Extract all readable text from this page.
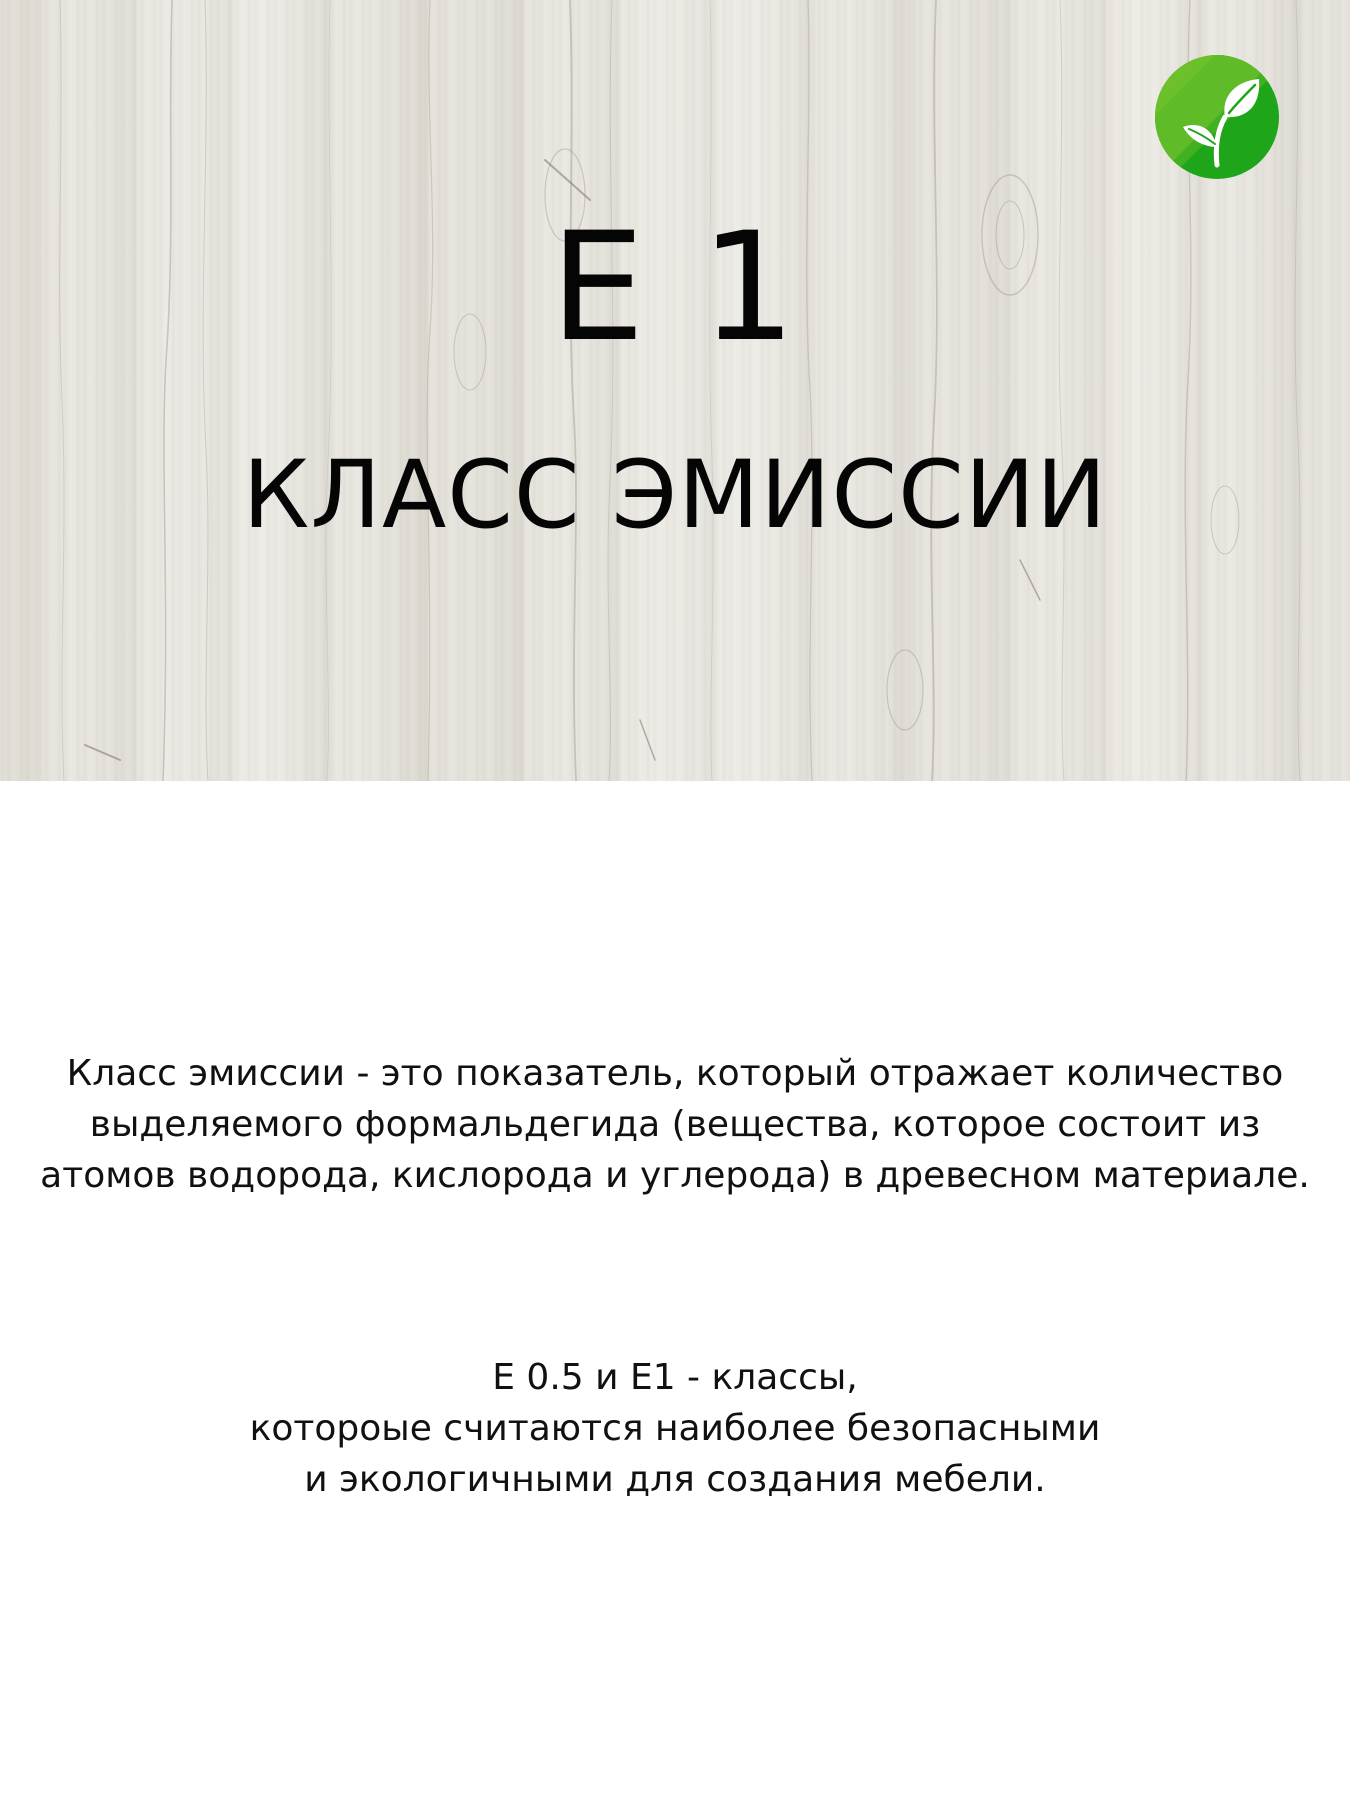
E 1
КЛАСС ЭМИССИИ

Класс эмиссии - это показатель, который отражает количество
выделяемого формальдегида (вещества, которое состоит из
атомов водорода, кислорода и углерода) в древесном материале.

Е 0.5 и Е1 - классы,
котороые считаются наиболее безопасными
и экологичными для создания мебели.
